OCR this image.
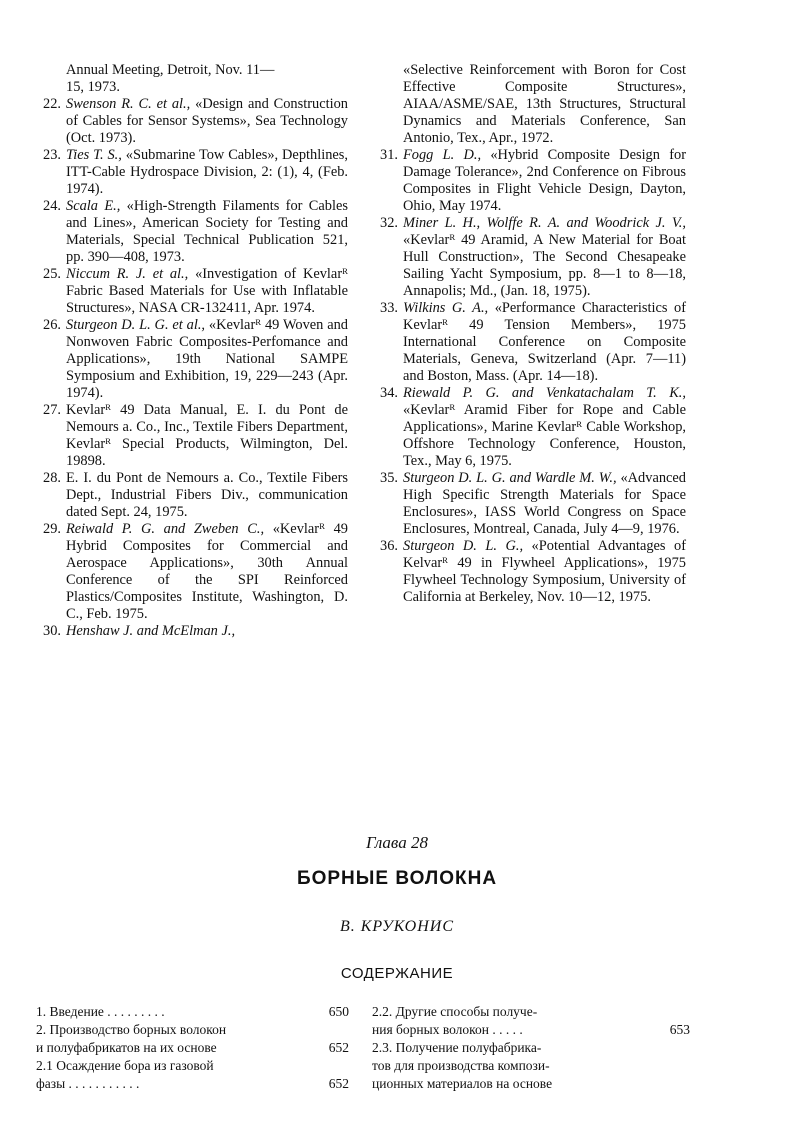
Annual Meeting, Detroit, Nov. 11—
15, 1973.

22. Swenson R. C. et al., «Design and Construction of Cables for Sensor Systems», Sea Technology (Oct. 1973).

23. Ties T. S., «Submarine Tow Cables», Depthlines, ITT-Cable Hydrospace Division, 2: (1), 4, (Feb. 1974).

24. Scala E., «High-Strength Filaments for Cables and Lines», American Society for Testing and Materials, Special Technical Publication 521, pp. 390—408, 1973.

25. Niccum R. J. et al., «Investigation of Kevlarᴿ Fabric Based Materials for Use with Inflatable Structures», NASA CR-132411, Apr. 1974.

26. Sturgeon D. L. G. et al., «Kevlarᴿ 49 Woven and Nonwoven Fabric Composites-Perfomance and Applications», 19th National SAMPE Symposium and Exhibition, 19, 229—243 (Apr. 1974).

27. Kevlarᴿ 49 Data Manual, E. I. du Pont de Nemours a. Co., Inc., Textile Fibers Department, Kevlarᴿ Special Products, Wilmington, Del. 19898.

28. E. I. du Pont de Nemours a. Co., Textile Fibers Dept., Industrial Fibers Div., communication dated Sept. 24, 1975.

29. Reiwald P. G. and Zweben C., «Kevlarᴿ 49 Hybrid Composites for Commercial and Aerospace Applications», 30th Annual Conference of the SPI Reinforced Plastics/Composites Institute, Washington, D. C., Feb. 1975.

30. Henshaw J. and McElman J.,

«Selective Reinforcement with Boron for Cost Effective Composite Structures», AIAA/ASME/SAE, 13th Structures, Structural Dynamics and Materials Conference, San Antonio, Tex., Apr., 1972.

31. Fogg L. D., «Hybrid Composite Design for Damage Tolerance», 2nd Conference on Fibrous Composites in Flight Vehicle Design, Dayton, Ohio, May 1974.

32. Miner L. H., Wolffe R. A. and Woodrick J. V., «Kevlarᴿ 49 Aramid, A New Material for Boat Hull Construction», The Second Chesapeake Sailing Yacht Symposium, pp. 8—1 to 8—18, Annapolis; Md., (Jan. 18, 1975).

33. Wilkins G. A., «Performance Characteristics of Kevlarᴿ 49 Tension Members», 1975 International Conference on Composite Materials, Geneva, Switzerland (Apr. 7—11) and Boston, Mass. (Apr. 14—18).

34. Riewald P. G. and Venkatachalam T. K., «Kevlarᴿ Aramid Fiber for Rope and Cable Applications», Marine Kevlarᴿ Cable Workshop, Offshore Technology Conference, Houston, Tex., May 6, 1975.

35. Sturgeon D. L. G. and Wardle M. W., «Advanced High Specific Strength Materials for Space Enclosures», IASS World Congress on Space Enclosures, Montreal, Canada, July 4—9, 1976.

36. Sturgeon D. L. G., «Potential Advantages of Kelvarᴿ 49 in Flywheel Applications», 1975 Flywheel Technology Symposium, University of California at Berkeley, Nov. 10—12, 1975.

Глава 28
БОРНЫЕ ВОЛОКНА
В. КРУКОНИС
СОДЕРЖАНИЕ
1. Введение . . . . . . . . .	650
2. Производство борных волокон
и полуфабрикатов на их основе	652
2.1 Осаждение бора из газовой
фазы . . . . . . . . . . .	652
2.2. Другие способы получе-
ния борных волокон . . . . .	653
2.3. Получение полуфабрика-
тов для производства компози-
ционных материалов на основе
